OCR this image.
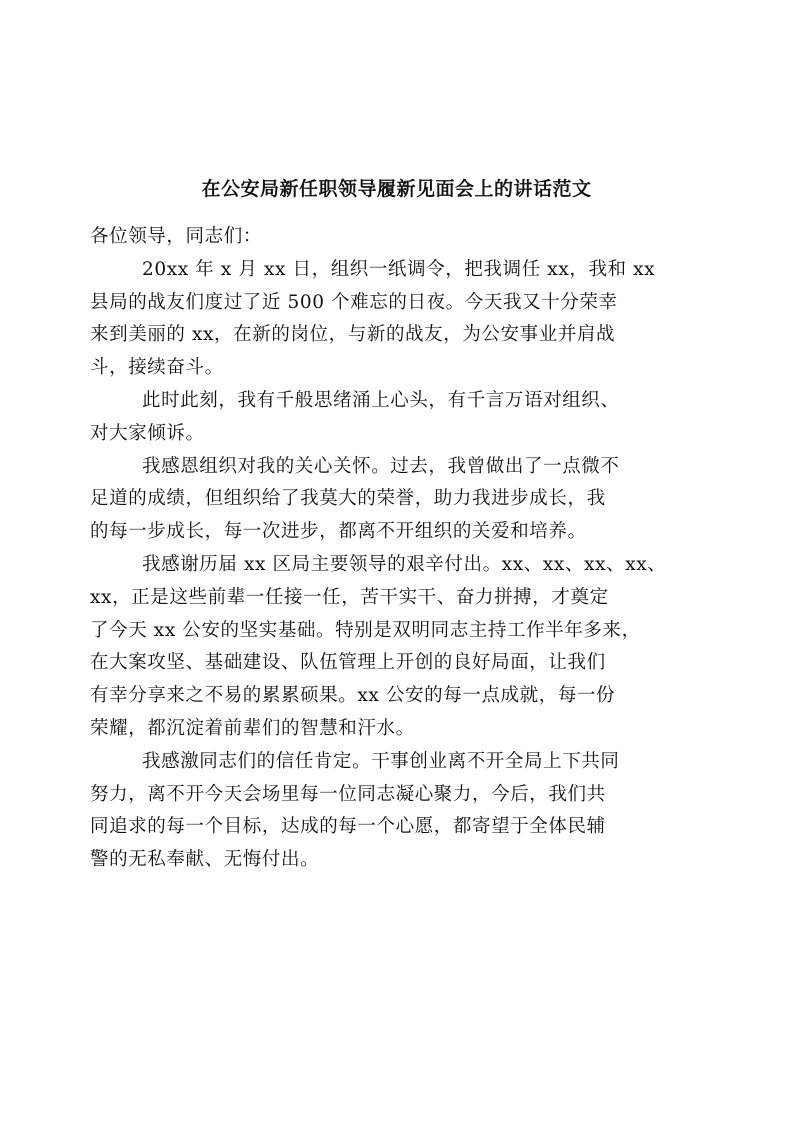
在公安局新任职领导履新见面会上的讲话范文
各位领导，同志们：
20xx 年 x 月 xx 日，组织一纸调令，把我调任 xx，我和 xx
县局的战友们度过了近 500 个难忘的日夜。今天我又十分荣幸
来到美丽的 xx，在新的岗位，与新的战友，为公安事业并肩战
斗，接续奋斗。
此时此刻，我有千般思绪涌上心头，有千言万语对组织、
对大家倾诉。
我感恩组织对我的关心关怀。过去，我曾做出了一点微不
足道的成绩，但组织给了我莫大的荣誉，助力我进步成长，我
的每一步成长，每一次进步，都离不开组织的关爱和培养。
我感谢历届 xx 区局主要领导的艰辛付出。xx、xx、xx、xx、
xx，正是这些前辈一任接一任，苦干实干、奋力拼搏，才奠定
了今天 xx 公安的坚实基础。特别是双明同志主持工作半年多来，
在大案攻坚、基础建设、队伍管理上开创的良好局面，让我们
有幸分享来之不易的累累硕果。xx 公安的每一点成就，每一份
荣耀，都沉淀着前辈们的智慧和汗水。
我感激同志们的信任肯定。干事创业离不开全局上下共同
努力，离不开今天会场里每一位同志凝心聚力，今后，我们共
同追求的每一个目标，达成的每一个心愿，都寄望于全体民辅
警的无私奉献、无悔付出。
